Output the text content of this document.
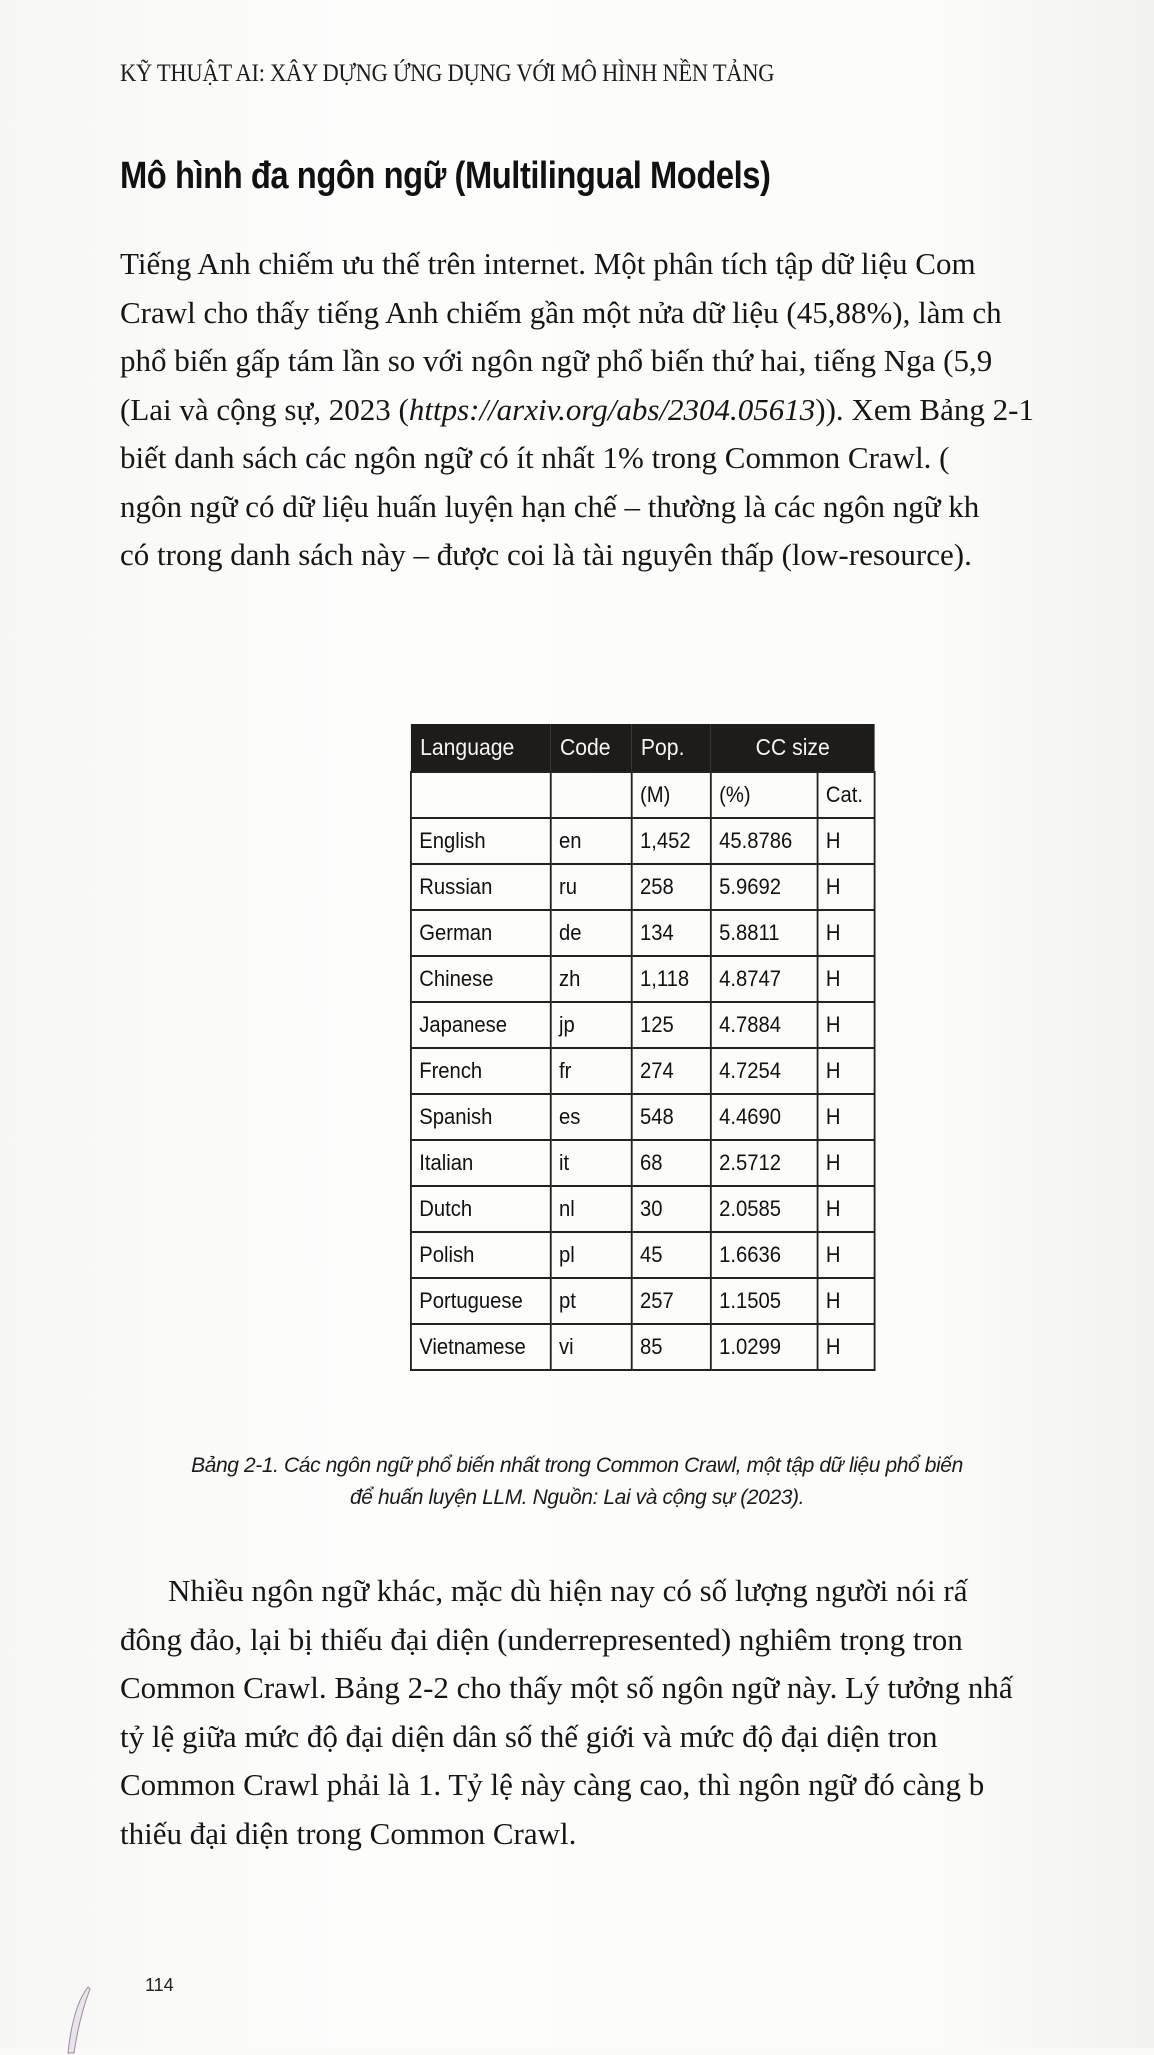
KỸ THUẬT AI: XÂY DỰNG ỨNG DỤNG VỚI MÔ HÌNH NỀN TẢNG
Mô hình đa ngôn ngữ (Multilingual Models)
Tiếng Anh chiếm ưu thế trên internet. Một phân tích tập dữ liệu Com
Crawl cho thấy tiếng Anh chiếm gần một nửa dữ liệu (45,88%), làm ch
phổ biến gấp tám lần so với ngôn ngữ phổ biến thứ hai, tiếng Nga (5,9
(Lai và cộng sự, 2023 (https://arxiv.org/abs/2304.05613)). Xem Bảng 2-1
biết danh sách các ngôn ngữ có ít nhất 1% trong Common Crawl. (
ngôn ngữ có dữ liệu huấn luyện hạn chế – thường là các ngôn ngữ kh
có trong danh sách này – được coi là tài nguyên thấp (low-resource).
Language	Code	Pop.	CC size	
		(M)	(%)	Cat.
English	en	1,452	45.8786	H
Russian	ru	258	5.9692	H
German	de	134	5.8811	H
Chinese	zh	1,118	4.8747	H
Japanese	jp	125	4.7884	H
French	fr	274	4.7254	H
Spanish	es	548	4.4690	H
Italian	it	68	2.5712	H
Dutch	nl	30	2.0585	H
Polish	pl	45	1.6636	H
Portuguese	pt	257	1.1505	H
Vietnamese	vi	85	1.0299	H
Bảng 2-1. Các ngôn ngữ phổ biến nhất trong Common Crawl, một tập dữ liệu phổ biến
để huấn luyện LLM. Nguồn: Lai và cộng sự (2023).
Nhiều ngôn ngữ khác, mặc dù hiện nay có số lượng người nói rấ
đông đảo, lại bị thiếu đại diện (underrepresented) nghiêm trọng tron
Common Crawl. Bảng 2-2 cho thấy một số ngôn ngữ này. Lý tưởng nhấ
tỷ lệ giữa mức độ đại diện dân số thế giới và mức độ đại diện tron
Common Crawl phải là 1. Tỷ lệ này càng cao, thì ngôn ngữ đó càng b
thiếu đại diện trong Common Crawl.
114
